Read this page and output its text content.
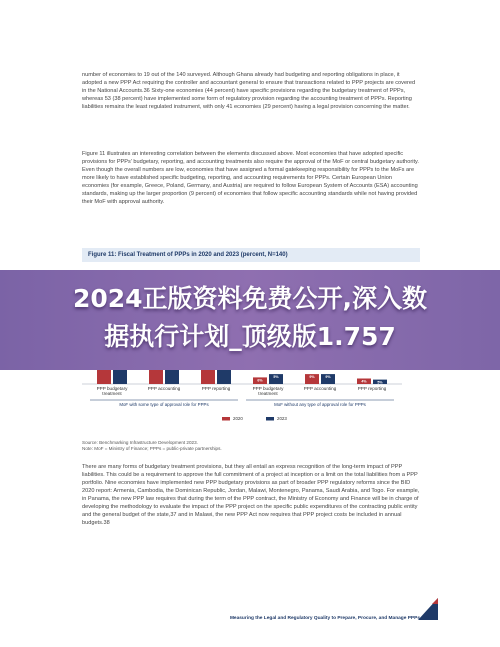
number of economies to 19 out of the 140 surveyed. Although Ghana already had budgeting and reporting obligations in place, it adopted a new PPP Act requiring the controller and accountant general to ensure that transactions related to PPP projects are covered in the National Accounts.36 Sixty-one economies (44 percent) have specific provisions regarding the budgetary treatment of PPPs, whereas 53 (38 percent) have implemented some form of regulatory provision regarding the accounting treatment of PPPs. Reporting liabilities remains the least regulated instrument, with only 41 economies (29 percent) having a legal provision concerning the matter.

Figure 11 illustrates an interesting correlation between the elements discussed above. Most economies that have adopted specific provisions for PPPs' budgetary, reporting, and accounting treatments also require the approval of the MoF or central budgetary authority. Even though the overall numbers are low, economies that have assigned a formal gatekeeping responsibility for PPPs to the MoFs are more likely to have established specific budgeting, reporting, and accounting requirements for PPPs. Certain European Union economies (for example, Greece, Poland, Germany, and Austria) are required to follow European System of Accounts (ESA) accounting standards, making up the larger proportion (9 percent) of economies that follow specific accounting standards while not having provided their MoF with approval authority.

Figure 11: Fiscal Treatment of PPPs in 2020 and 2023 (percent, N=140)
6%
5%	9%	9%
5%
4%
PPP budgetary treatment
PPP accounting	PPP reporting	PPP budgetary treatment
PPP accounting	PPP reporting
MoF with some type of approval role for PPPs	MoF without any type of approval role for PPPs
2020	2023
2024正版资料免费公开,深入数
据执行计划_顶级版1.757
Source: Benchmarking Infrastructure Development 2023.
Note: MoF = Ministry of Finance; PPPs = public-private partnerships.

There are many forms of budgetary treatment provisions, but they all entail an express recognition of the long-term impact of PPP liabilities. This could be a requirement to approve the full commitment of a project at inception or a limit on the total liabilities from a PPP portfolio. Nine economies have implemented new PPP budgetary provisions as part of broader PPP regulatory reforms since the BID 2020 report: Armenia, Cambodia, the Dominican Republic, Jordan, Malawi, Montenegro, Panama, Saudi Arabia, and Togo. For example, in Panama, the new PPP law requires that during the term of the PPP contract, the Ministry of Economy and Finance will be in charge of developing the methodology to evaluate the impact of the PPP project on the specific public expenditures of the contracting public entity and the general budget of the state,37 and in Malawi, the new PPP Act now requires that PPP project costs be included in annual budgets.38

Measuring the Legal and Regulatory Quality to Prepare, Procure, and Manage PPPs 39
